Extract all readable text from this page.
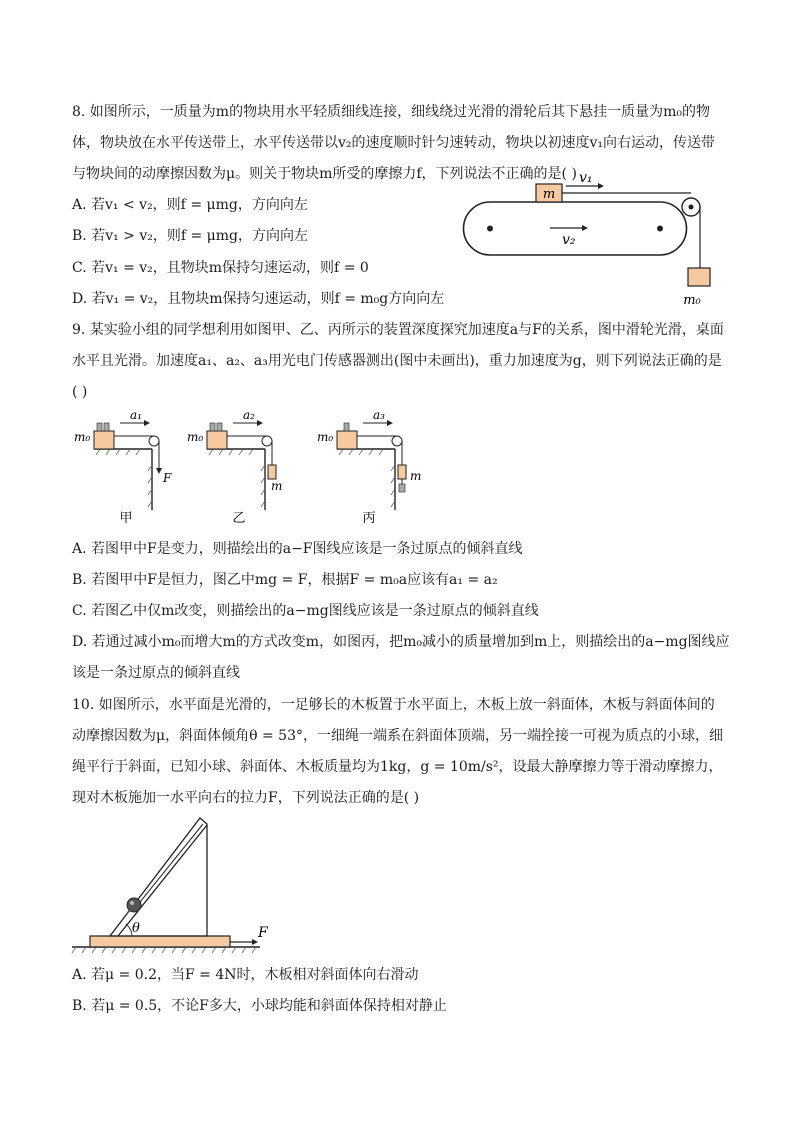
8. 如图所示，一质量为m的物块用水平轻质细线连接，细线绕过光滑的滑轮后其下悬挂一质量为m₀的物
体，物块放在水平传送带上，水平传送带以v₂的速度顺时针匀速转动，物块以初速度v₁向右运动，传送带
与物块间的动摩擦因数为μ。则关于物块m所受的摩擦力f，下列说法不正确的是( )
A. 若v₁ < v₂，则f = μmg，方向向左
B. 若v₁ > v₂，则f = μmg，方向向左
C. 若v₁ = v₂，且物块m保持匀速运动，则f = 0
D. 若v₁ = v₂，且物块m保持匀速运动，则f = m₀g方向向左
m
m₀
v₁
v₂
9. 某实验小组的同学想利用如图甲、乙、丙所示的装置深度探究加速度a与F的关系，图中滑轮光滑，桌面
水平且光滑。加速度a₁、a₂、a₃用光电门传感器测出(图中未画出)，重力加速度为g，则下列说法正确的是
( )
m₀
F
a₁
甲
m₀
m
a₂
乙
m₀
m
a₃
丙
A. 若图甲中F是变力，则描绘出的a−F图线应该是一条过原点的倾斜直线
B. 若图甲中F是恒力，图乙中mg = F，根据F = m₀a应该有a₁ = a₂
C. 若图乙中仅m改变，则描绘出的a−mg图线应该是一条过原点的倾斜直线
D. 若通过减小m₀而增大m的方式改变m，如图丙，把m₀减小的质量增加到m上，则描绘出的a−mg图线应
该是一条过原点的倾斜直线
10. 如图所示，水平面是光滑的，一足够长的木板置于水平面上，木板上放一斜面体，木板与斜面体间的
动摩擦因数为μ，斜面体倾角θ = 53°，一细绳一端系在斜面体顶端，另一端拴接一可视为质点的小球，细
绳平行于斜面，已知小球、斜面体、木板质量均为1kg，g = 10m/s²，设最大静摩擦力等于滑动摩擦力，
现对木板施加一水平向右的拉力F，下列说法正确的是( )
θ	F
A. 若μ = 0.2，当F = 4N时，木板相对斜面体向右滑动
B. 若μ = 0.5，不论F多大，小球均能和斜面体保持相对静止
